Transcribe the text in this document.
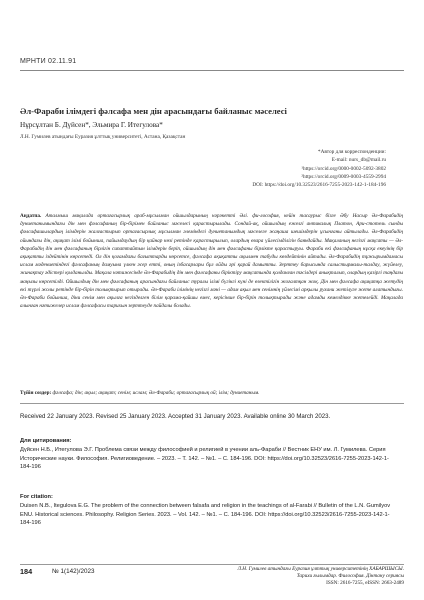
МРНТИ 02.11.91
Әл-Фараби ілімдегі фәлсафа мен дін арасындағы байланыс мәселесі
Нұрсұлтан Б. Дүйсен*, Эльмира Г. Итегулова*
Л.Н. Гумилев атындағы Еуразия ұлттық университеті, Астана, Қазақстан
*Автор для корреспонденции:
E-mail: nurs_db@mail.ru
¹https://orcid.org/0000-0002-5092-3802
²https://orcid.org/0009-0003-4559-2994
DOI: https://doi.org/10.32523/2616-7255-2023-142-1-184-196
Аңдатпа. Аталмыш мақалада ортағасырлық араб-мұсылман ойшылдарының нәрәкетті Әлі. фи-лософия, кейін тасаурыс бізге Әбу Насыр Әл-Фарабидің дуниетанымындағы дін мен фәлсафаның бір-бірімен байланыс мәселесі қарастырылады. Сондай-ақ, ойшылдың ежелгі антикалық Платон, Ари-стотель сынды фәлсафашылардың ілімдерін жалғастырып ортағасырлық мұсылман әлеміндегі дуниетанымдық мәселеге жаңаша шешімдерін ұсынғаны айтылады. Әл-Фарабидің ойындағы дін, ақиқат ілімі бойынша, пайымдаудың бір қайнар көзі ретінде қарастырылып, олардың өзара үйлесімділігін баяндайды. Мақаланың негізгі мақсаты — Әл-Фарабидің дін мен фәлсафаның бірлігін сипаттайтын ілімдерін беріп, ойшылдың дін мен фәлсафаны бірлікте қарастыруы. Фараби екі фәлсафаның нұсқа екеуінің бір ақиқатты іздейтінін көрсетеді. Ол дін қоғамдағы бағыттарды көрсетсе, фәлсафа ақиқатты ақылмен табуды көздейтінін айтады. Әл-Фарабидің тұжырымдамасы ислам мәдениетіндегі фәлсафаның дамуына үлкен әсер етті, оның ізбасарлары бұл ойды әрі қарай дамытты. Зерттеу барысында салыстырмалы-талдау, жүйелеу, жинақтау әдістері қолданылды. Мақала нәтижесінде Әл-Фарабидің дін мен фәлсафаны біріктіру мақсатында қолданған тәсілдері анықталып, олардың қазіргі таңдағы маңызы көрсетілді. Ойшылдың дін мен фәлсафаның арасындағы байланыс туралы ілімі бүгінгі күні де өзектілігін жоғалтқан жоқ. Дін мен фәлсафа ақиқатқа жетудің екі түрлі жолы ретінде бір-бірін толықтырып отырады. Әл-Фараби ілімінің негізгі мәні — адам ақыл мен сенімнің үйлесімі арқылы рухани жетілуге жете алатындығы. Әл-Фараби бойынша, діни сенім мен ақылға негізделген білім қарама-қайшы емес, керісінше бір-бірін толықтырады және адамды кемелдікке жетелейді. Мақалада алынған нәтижелер ислам фәлсафасы тарихын зерттеуде пайдалы болады.
Түйін сөздер: фәлсафа; дін; ақыл; ақиқат; сенім; ислам; Әл-Фараби; ортағасырлық ой; ілім; дуниетаным.
Received 22 January 2023. Revised 25 January 2023. Accepted 31 January 2023. Available online 30 March 2023.
Для цитирования:
Дүйсен Н.Б., Итегулова Э.Г. Проблема связи между философией и религией в учении аль-Фараби // Вестник ЕНУ им. Л. Гумилева. Серия Исторические науки. Философия. Религиоведение. – 2023. – Т. 142. – №1. – С. 184-196. DOI: https://doi.org/10.32523/2616-7255-2023-142-1-184-196
For citation:
Duisen N.B., Itegulova E.G. The problem of the connection between falsafa and religion in the teachings of al-Farabi // Bulletin of the L.N. Gumilyov ENU. Historical sciences. Philosophy. Religion Series. 2023. – Vol. 142. – №1. – С. 184-196. DOI: https://doi.org/10.32523/2616-7255-2023-142-1-184-196
184	№ 1(142)/2023	Л.Н. Гумилев атындағы Еуразия ұлттық университетінің ХАБАРШЫСЫ.
Тарихи ғылымдар. Философия. Дінтану сериясы
ISSN: 2616-7255, eISSN: 2663-2489
